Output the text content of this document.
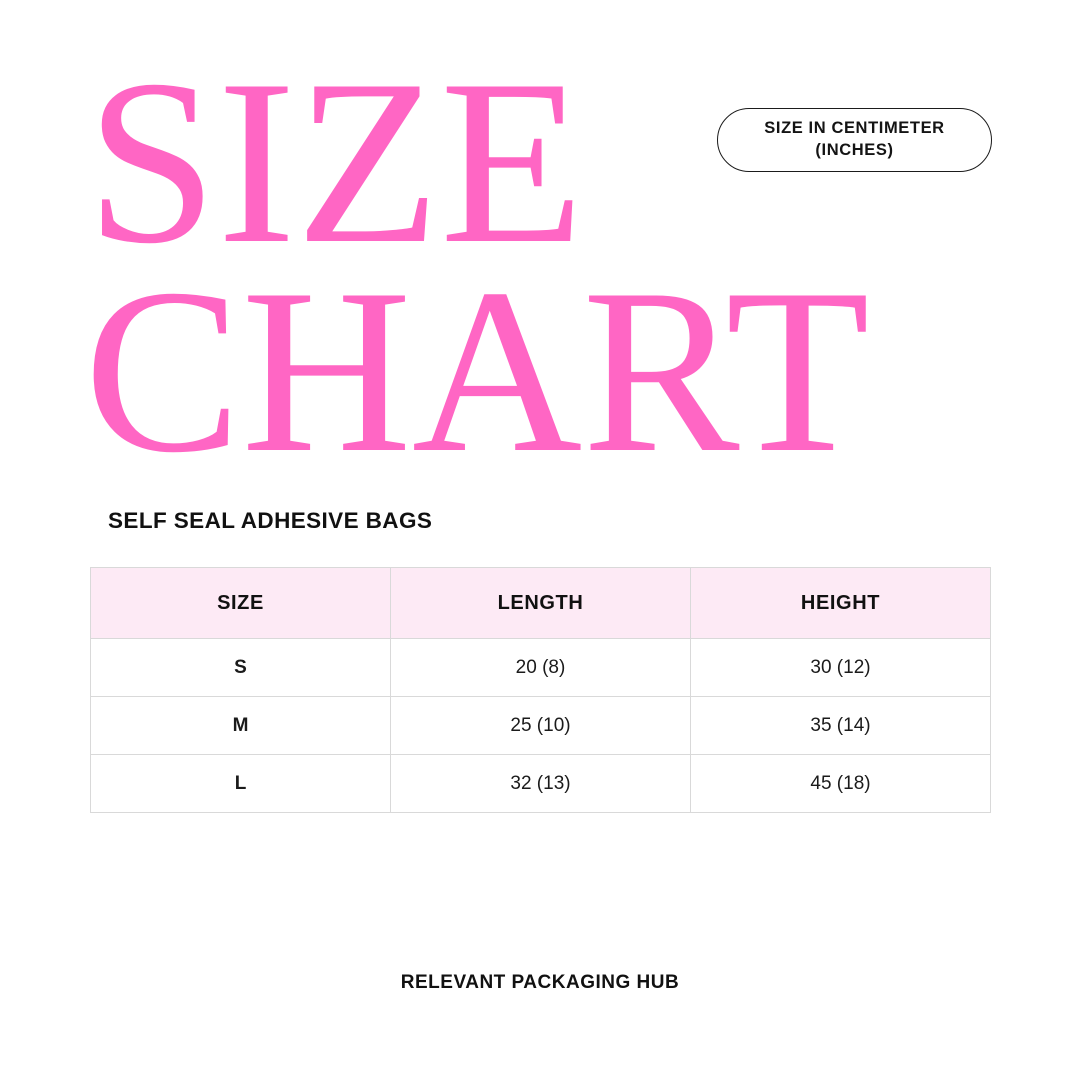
SIZE IN CENTIMETER
(INCHES)
SIZE
CHART
SELF SEAL ADHESIVE BAGS
SIZE	LENGTH	HEIGHT
S	20 (8)	30 (12)
M	25 (10)	35 (14)
L	32 (13)	45 (18)
RELEVANT PACKAGING HUB
